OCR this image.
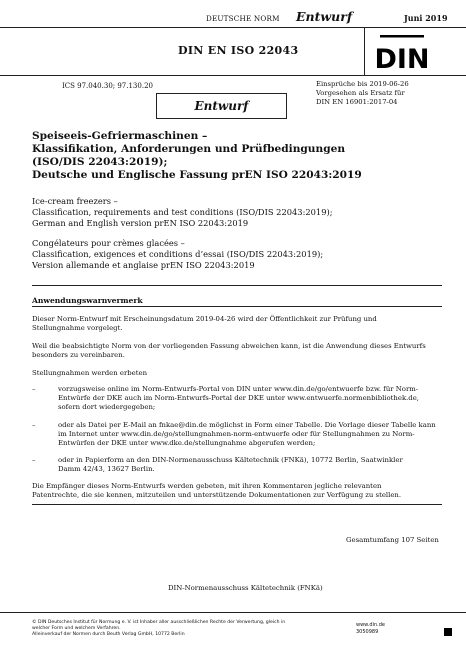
DEUTSCHE NORM Entwurf	Juni 2019
DIN EN ISO 22043	DIN
ICS 97.040.30; 97.130.20	Einsprüche bis 2019-06-26
Vorgesehen als Ersatz für
DIN EN 16901:2017-04
Entwurf
Speiseeis-Gefriermaschinen –
Klassifikation, Anforderungen und Prüfbedingungen
(ISO/DIS 22043:2019);
Deutsche und Englische Fassung prEN ISO 22043:2019
Ice-cream freezers –
Classification, requirements and test conditions (ISO/DIS 22043:2019);
German and English version prEN ISO 22043:2019
Congélateurs pour crèmes glacées –
Classification, exigences et conditions d’essai (ISO/DIS 22043:2019);
Version allemande et anglaise prEN ISO 22043:2019
Anwendungswarnvermerk
Dieser Norm-Entwurf mit Erscheinungsdatum 2019-04-26 wird der Öffentlichkeit zur Prüfung und
Stellungnahme vorgelegt.
Weil die beabsichtigte Norm von der vorliegenden Fassung abweichen kann, ist die Anwendung dieses Entwurfs
besonders zu vereinbaren.
Stellungnahmen werden erbeten
–	vorzugsweise online im Norm-Entwurfs-Portal von DIN unter www.din.de/go/entwuerfe bzw. für Norm-
Entwürfe der DKE auch im Norm-Entwurfs-Portal der DKE unter www.entwuerfe.normenbibliothek.de,
sofern dort wiedergegeben;
–	oder als Datei per E-Mail an fnkae@din.de möglichst in Form einer Tabelle. Die Vorlage dieser Tabelle kann
im Internet unter www.din.de/go/stellungnahmen-norm-entwuerfe oder für Stellungnahmen zu Norm-
Entwürfen der DKE unter www.dke.de/stellungnahme abgerufen werden;
–	oder in Papierform an den DIN-Normenausschuss Kältetechnik (FNKä), 10772 Berlin, Saatwinkler
Damm 42/43, 13627 Berlin.
Die Empfänger dieses Norm-Entwurfs werden gebeten, mit ihren Kommentaren jegliche relevanten
Patentrechte, die sie kennen, mitzuteilen und unterstützende Dokumentationen zur Verfügung zu stellen.
Gesamtumfang 107 Seiten
DIN-Normenausschuss Kältetechnik (FNKä)
© DIN Deutsches Institut für Normung e. V. ist Inhaber aller ausschließlichen Rechte der Verwertung, gleich in
welcher Form und welchem Verfahren.
Alleinverkauf der Normen durch Beuth Verlag GmbH, 10772 Berlin
www.din.de
3050989
